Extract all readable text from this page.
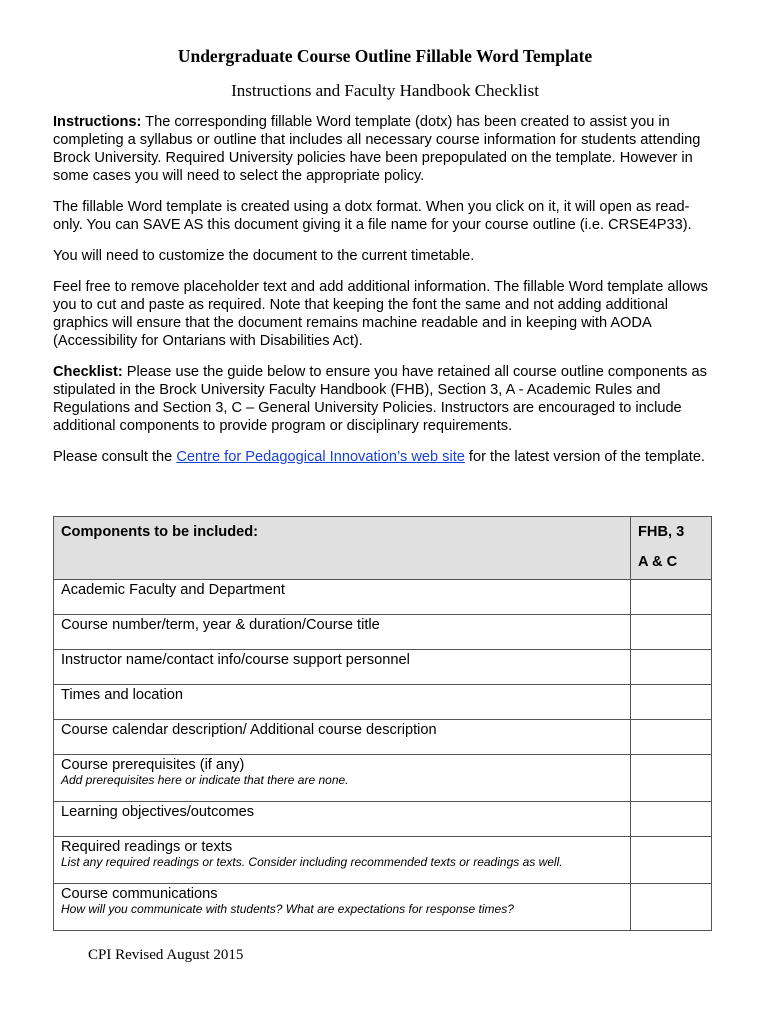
Undergraduate Course Outline Fillable Word Template
Instructions and Faculty Handbook Checklist

Instructions: The corresponding fillable Word template (dotx) has been created to assist you in completing a syllabus or outline that includes all necessary course information for students attending Brock University. Required University policies have been prepopulated on the template. However in some cases you will need to select the appropriate policy.

The fillable Word template is created using a dotx format. When you click on it, it will open as read-only. You can SAVE AS this document giving it a file name for your course outline (i.e. CRSE4P33).

You will need to customize the document to the current timetable.

Feel free to remove placeholder text and add additional information. The fillable Word template allows you to cut and paste as required. Note that keeping the font the same and not adding additional graphics will ensure that the document remains machine readable and in keeping with AODA (Accessibility for Ontarians with Disabilities Act).

Checklist: Please use the guide below to ensure you have retained all course outline components as stipulated in the Brock University Faculty Handbook (FHB), Section 3, A - Academic Rules and Regulations and Section 3, C – General University Policies. Instructors are encouraged to include additional components to provide program or disciplinary requirements.

Please consult the Centre for Pedagogical Innovation’s web site for the latest version of the template.

Components to be included:	FHB, 3
A & C
Academic Faculty and Department	
Course number/term, year & duration/Course title	
Instructor name/contact info/course support personnel	
Times and location	
Course calendar description/ Additional course description	
Course prerequisites (if any)
Add prerequisites here or indicate that there are none.	

Learning objectives/outcomes	
Required readings or texts
List any required readings or texts. Consider including recommended texts or readings as well.	

Course communications
How will you communicate with students? What are expectations for response times?	

CPI Revised August 2015
